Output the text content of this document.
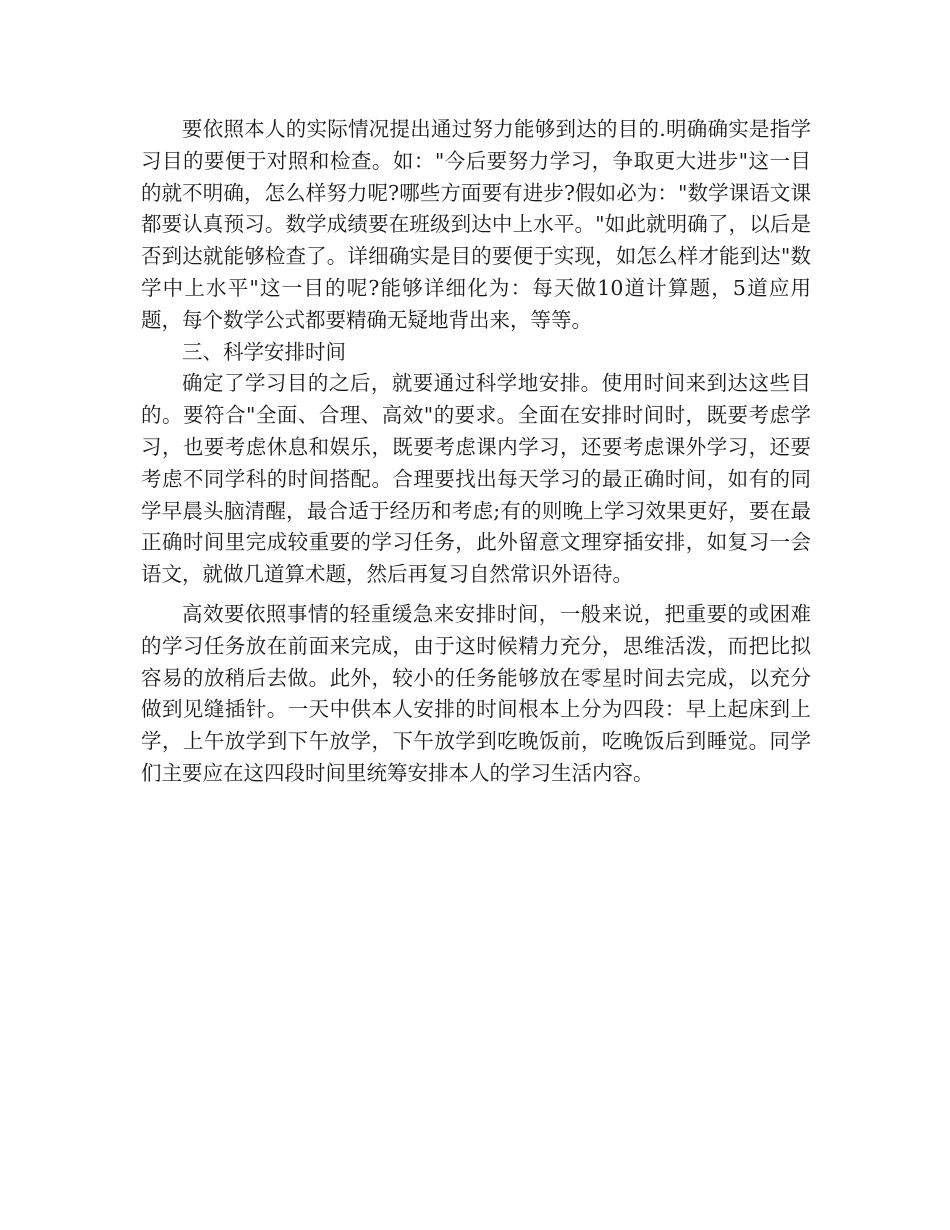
要依照本人的实际情况提出通过努力能够到达的目的.明确确实是指学习目的要便于对照和检查。如："今后要努力学习，争取更大进步"这一目的就不明确，怎么样努力呢?哪些方面要有进步?假如必为："数学课语文课都要认真预习。数学成绩要在班级到达中上水平。"如此就明确了，以后是否到达就能够检查了。详细确实是目的要便于实现，如怎么样才能到达"数学中上水平"这一目的呢?能够详细化为：每天做10道计算题，5道应用题，每个数学公式都要精确无疑地背出来，等等。

三、科学安排时间

确定了学习目的之后，就要通过科学地安排。使用时间来到达这些目的。要符合"全面、合理、高效"的要求。全面在安排时间时，既要考虑学习，也要考虑休息和娱乐，既要考虑课内学习，还要考虑课外学习，还要考虑不同学科的时间搭配。合理要找出每天学习的最正确时间，如有的同学早晨头脑清醒，最合适于经历和考虑;有的则晚上学习效果更好，要在最正确时间里完成较重要的学习任务，此外留意文理穿插安排，如复习一会语文，就做几道算术题，然后再复习自然常识外语待。

高效要依照事情的轻重缓急来安排时间，一般来说，把重要的或困难的学习任务放在前面来完成，由于这时候精力充分，思维活泼，而把比拟容易的放稍后去做。此外，较小的任务能够放在零星时间去完成，以充分做到见缝插针。一天中供本人安排的时间根本上分为四段：早上起床到上学，上午放学到下午放学，下午放学到吃晚饭前，吃晚饭后到睡觉。同学们主要应在这四段时间里统筹安排本人的学习生活内容。
